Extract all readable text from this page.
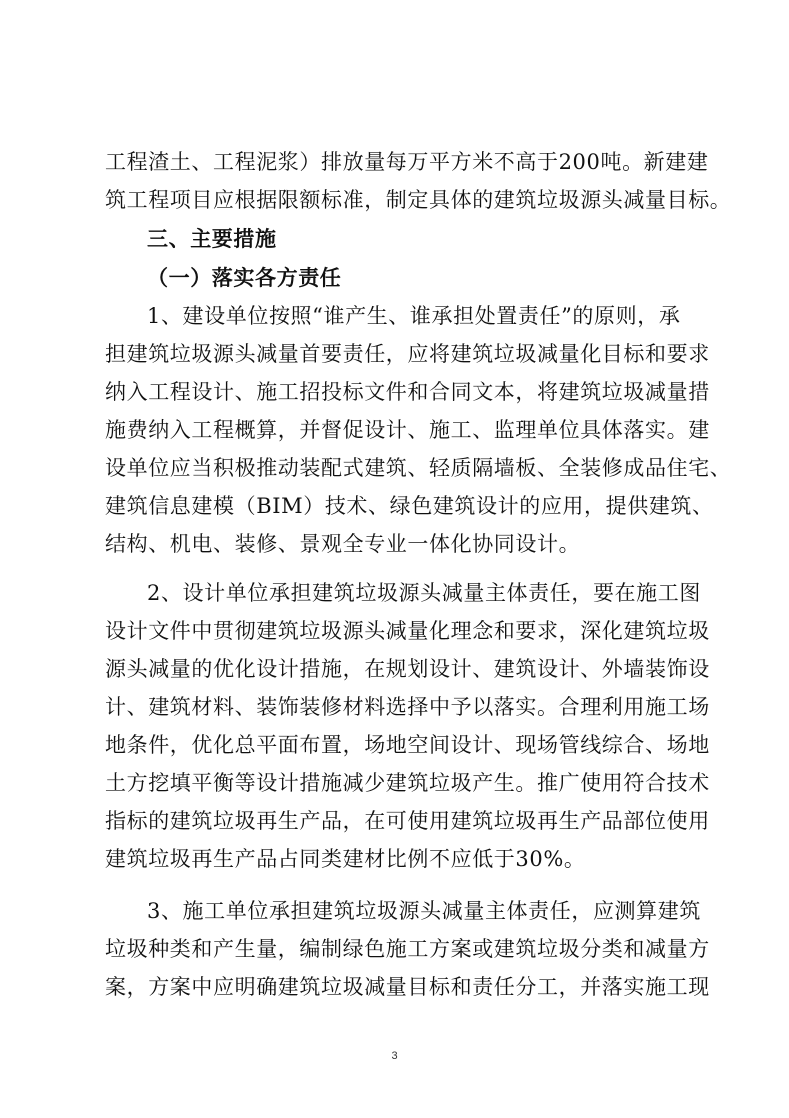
工程渣土、工程泥浆）排放量每万平方米不高于200吨。新建建
筑工程项目应根据限额标准，制定具体的建筑垃圾源头减量目标。
三、主要措施
（一）落实各方责任
1、建设单位按照“谁产生、谁承担处置责任”的原则，承
担建筑垃圾源头减量首要责任，应将建筑垃圾减量化目标和要求
纳入工程设计、施工招投标文件和合同文本，将建筑垃圾减量措
施费纳入工程概算，并督促设计、施工、监理单位具体落实。建
设单位应当积极推动装配式建筑、轻质隔墙板、全装修成品住宅、
建筑信息建模（BIM）技术、绿色建筑设计的应用，提供建筑、
结构、机电、装修、景观全专业一体化协同设计。
2、设计单位承担建筑垃圾源头减量主体责任，要在施工图
设计文件中贯彻建筑垃圾源头减量化理念和要求，深化建筑垃圾
源头减量的优化设计措施，在规划设计、建筑设计、外墙装饰设
计、建筑材料、装饰装修材料选择中予以落实。合理利用施工场
地条件，优化总平面布置，场地空间设计、现场管线综合、场地
土方挖填平衡等设计措施减少建筑垃圾产生。推广使用符合技术
指标的建筑垃圾再生产品，在可使用建筑垃圾再生产品部位使用
建筑垃圾再生产品占同类建材比例不应低于30%。
3、施工单位承担建筑垃圾源头减量主体责任，应测算建筑
垃圾种类和产生量，编制绿色施工方案或建筑垃圾分类和减量方
案，方案中应明确建筑垃圾减量目标和责任分工，并落实施工现
3
